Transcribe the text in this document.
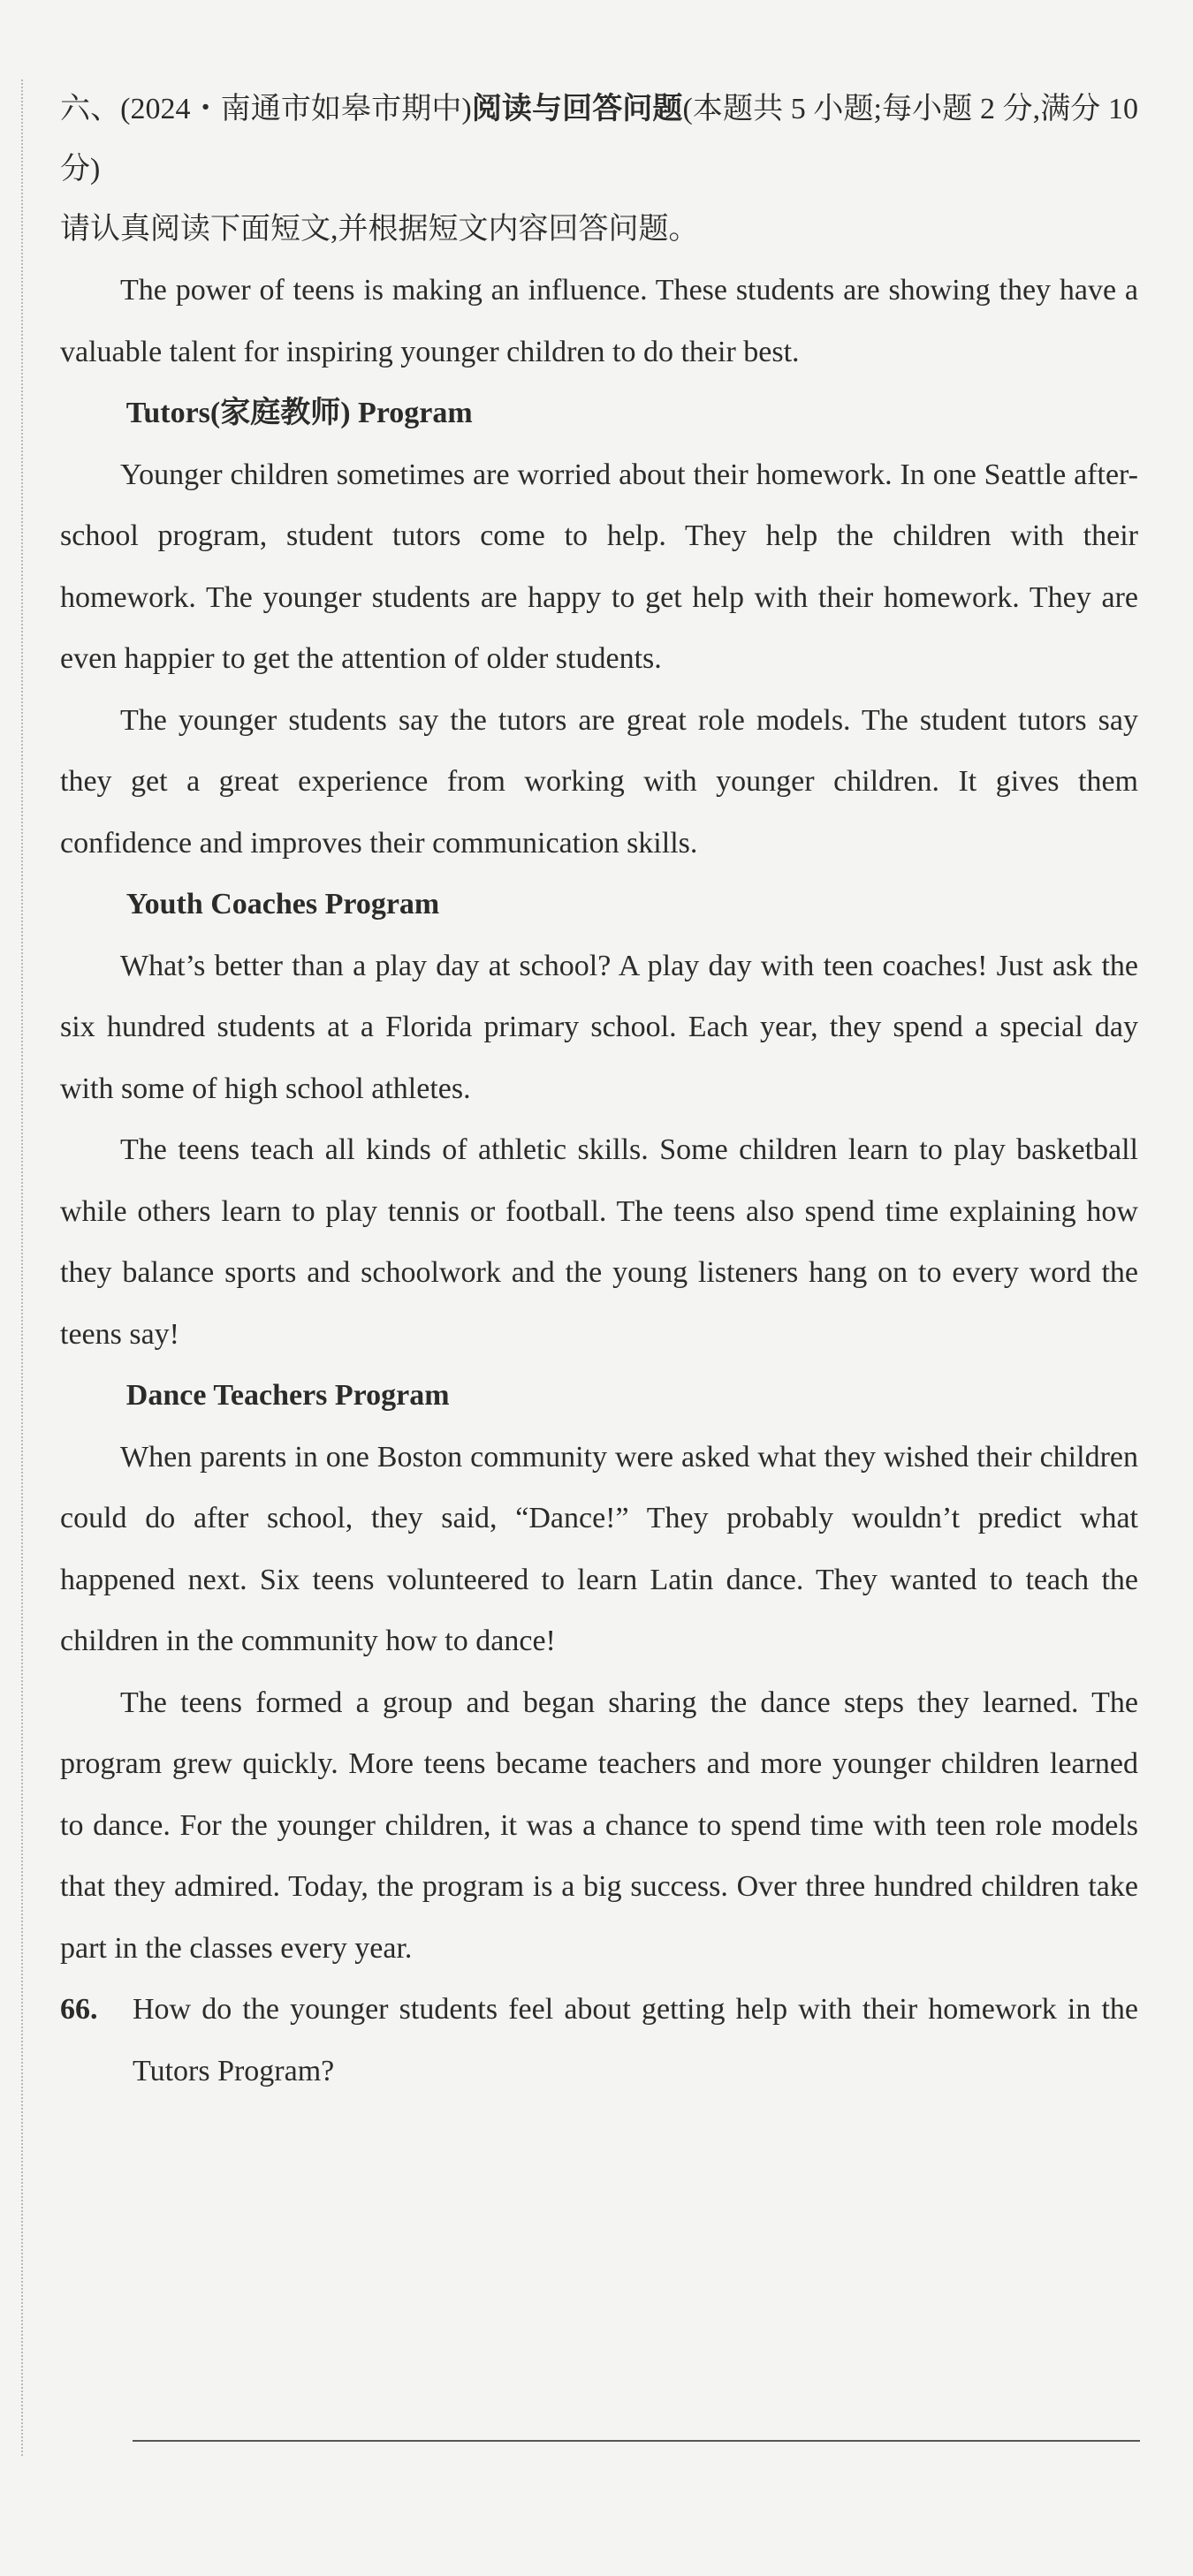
六、(2024・南通市如皋市期中)阅读与回答问题(本题共 5 小题;每小题 2 分,满分 10 分)

请认真阅读下面短文,并根据短文内容回答问题。

The power of teens is making an influence. These students are showing they have a valuable talent for inspiring younger children to do their best.

Tutors(家庭教师) Program

Younger children sometimes are worried about their homework. In one Seattle after-school program, student tutors come to help. They help the children with their homework. The younger students are happy to get help with their homework. They are even happier to get the attention of older students.

The younger students say the tutors are great role models. The student tutors say they get a great experience from working with younger children. It gives them confidence and improves their communication skills.

Youth Coaches Program

What’s better than a play day at school? A play day with teen coaches! Just ask the six hundred students at a Florida primary school. Each year, they spend a special day with some of high school athletes.

The teens teach all kinds of athletic skills. Some children learn to play basketball while others learn to play tennis or football. The teens also spend time explaining how they balance sports and schoolwork and the young listeners hang on to every word the teens say!

Dance Teachers Program

When parents in one Boston community were asked what they wished their children could do after school, they said, “Dance!” They probably wouldn’t predict what happened next. Six teens volunteered to learn Latin dance. They wanted to teach the children in the community how to dance!

The teens formed a group and began sharing the dance steps they learned. The program grew quickly. More teens became teachers and more younger children learned to dance. For the younger children, it was a chance to spend time with teen role models that they admired. Today, the program is a big success. Over three hundred children take part in the classes every year.

66. How do the younger students feel about getting help with their homework in the Tutors Program?
